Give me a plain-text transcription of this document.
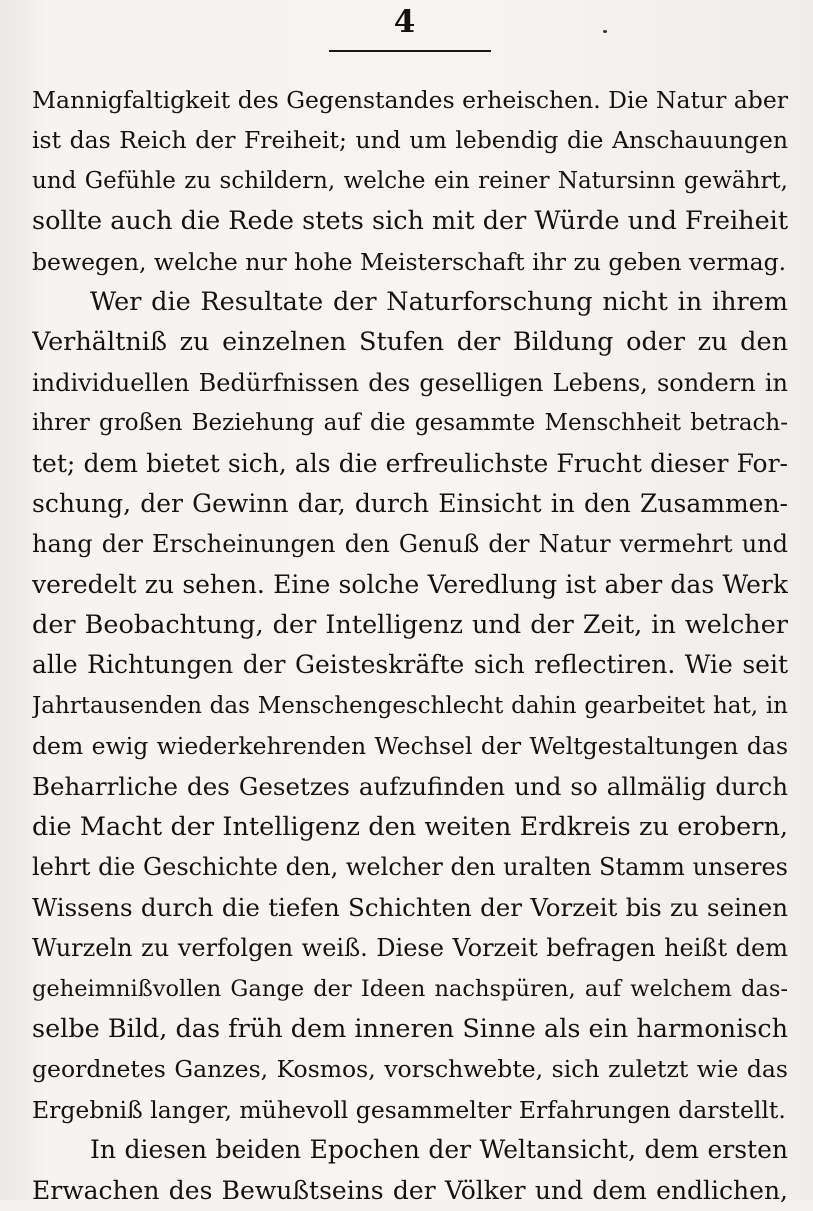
4
Mannigfaltigkeit des Gegenstandes erheischen. Die Natur aber
ist das Reich der Freiheit; und um lebendig die Anschauungen
und Gefühle zu schildern, welche ein reiner Natursinn gewährt,
sollte auch die Rede stets sich mit der Würde und Freiheit
bewegen, welche nur hohe Meisterschaft ihr zu geben vermag.
Wer die Resultate der Naturforschung nicht in ihrem
Verhältniß zu einzelnen Stufen der Bildung oder zu den
individuellen Bedürfnissen des geselligen Lebens, sondern in
ihrer großen Beziehung auf die gesammte Menschheit betrach-
tet; dem bietet sich, als die erfreulichste Frucht dieser For-
schung, der Gewinn dar, durch Einsicht in den Zusammen-
hang der Erscheinungen den Genuß der Natur vermehrt und
veredelt zu sehen. Eine solche Veredlung ist aber das Werk
der Beobachtung, der Intelligenz und der Zeit, in welcher
alle Richtungen der Geisteskräfte sich reflectiren. Wie seit
Jahrtausenden das Menschengeschlecht dahin gearbeitet hat, in
dem ewig wiederkehrenden Wechsel der Weltgestaltungen das
Beharrliche des Gesetzes aufzufinden und so allmälig durch
die Macht der Intelligenz den weiten Erdkreis zu erobern,
lehrt die Geschichte den, welcher den uralten Stamm unseres
Wissens durch die tiefen Schichten der Vorzeit bis zu seinen
Wurzeln zu verfolgen weiß. Diese Vorzeit befragen heißt dem
geheimnißvollen Gange der Ideen nachspüren, auf welchem das-
selbe Bild, das früh dem inneren Sinne als ein harmonisch
geordnetes Ganzes, Kosmos, vorschwebte, sich zuletzt wie das
Ergebniß langer, mühevoll gesammelter Erfahrungen darstellt.
In diesen beiden Epochen der Weltansicht, dem ersten
Erwachen des Bewußtseins der Völker und dem endlichen,
